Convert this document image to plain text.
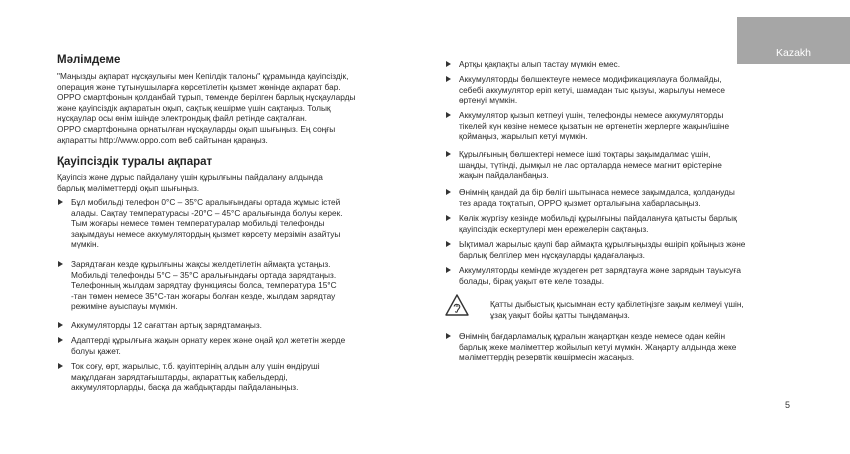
Kazakh
Мәлімдеме

"Маңызды ақпарат нұсқаулығы мен Кепілдік талоны" құрамында қауіпсіздік,

операция және тұтынушыларға көрсетілетін қызмет жөнінде ақпарат бар.

OPPO смартфонын қолданбай тұрып, төменде берілген барлық нұсқауларды

және қауіпсіздік ақпаратын оқып, сақтық кешірме үшін сақтаңыз. Толық

нұсқаулар осы өнім ішінде электрондық файл ретінде сақталған.

OPPO смартфонына орнатылған нұсқауларды оқып шығыңыз. Ең соңғы

ақпаратты http://www.oppo.com веб сайтынан қараңыз.

Қауіпсіздік туралы ақпарат

Қауіпсіз және дұрыс пайдалану үшін құрылғыны пайдалану алдында

барлық мәліметтерді оқып шығыңыз.

Бұл мобильді телефон 0°C – 35°C аралығындағы ортада жұмыс істей
алады. Сақтау температурасы -20°C – 45°C аралығында болуы керек.
Тым жоғары немесе төмен температуралар мобильді телефонды
зақымдауы немесе аккумулятордың қызмет көрсету мерзімін азайтуы
мүмкін.
Зарядтаған кезде құрылғыны жақсы желдетілетін аймақта ұстаңыз.
Мобильді телефонды 5°C – 35°C аралығындағы ортада зарядтаңыз.
Телефонның жылдам зарядтау функциясы болса, температура 15°C
-тан төмен немесе 35°C-тан жоғары болған кезде, жылдам зарядтау
режиміне ауыспауы мүмкін.
Аккумуляторды 12 сағаттан артық зарядтамаңыз.
Адаптерді құрылғыға жақын орнату керек және оңай қол жететін жерде
болуы қажет.
Ток соғу, өрт, жарылыс, т.б. қауіптерінің алдын алу үшін өндіруші
мақұлдаған зарядтағыштарды, ақпараттық кабельдерді,
аккумуляторларды, басқа да жабдықтарды пайдаланыңыз.
Артқы қақпақты алып тастау мүмкін емес.
Аккумуляторды бөлшектеуге немесе модификациялауға болмайды,
себебі аккумулятор еріп кетуі, шамадан тыс қызуы, жарылуы немесе
өртенуі мүмкін.
Аккумулятор қызып кетпеуі үшін, телефонды немесе аккумуляторды
тікелей күн көзіне немесе қызатын не өртенетін жерлерге жақын/ішіне
қоймаңыз, жарылып кетуі мүмкін.
Құрылғының бөлшектері немесе ішкі тоқтары зақымдалмас үшін,
шаңды, түтінді, дымқыл не лас орталарда немесе магнит өрістеріне
жақын пайдаланбаңыз.
Өнімнің қандай да бір бөлігі шытынаса немесе зақымдалса, қолдануды
тез арада тоқтатып, OPPO қызмет орталығына хабарласыңыз.
Көлік жүргізу кезінде мобильді құрылғыны пайдалануға қатысты барлық
қауіпсіздік ескертулері мен ережелерін сақтаңыз.
Ықтимал жарылыс қаупі бар аймақта құрылғыңызды өшіріп қойыңыз және
барлық белгілер мен нұсқауларды қадағалаңыз.
Аккумуляторды кемінде жүздеген рет зарядтауға және зарядын тауысуға
болады, бірақ уақыт өте келе тозады.
Қатты дыбыстық қысымнан есту қабілетіңізге зақым келмеуі үшін,
ұзақ уақыт бойы қатты тыңдамаңыз.
Өнімнің бағдарламалық құралын жаңартқан кезде немесе одан кейін
барлық жеке мәліметтер жойылып кетуі мүмкін. Жаңарту алдында жеке
мәліметтердің резервтік көшірмесін жасаңыз.
5
